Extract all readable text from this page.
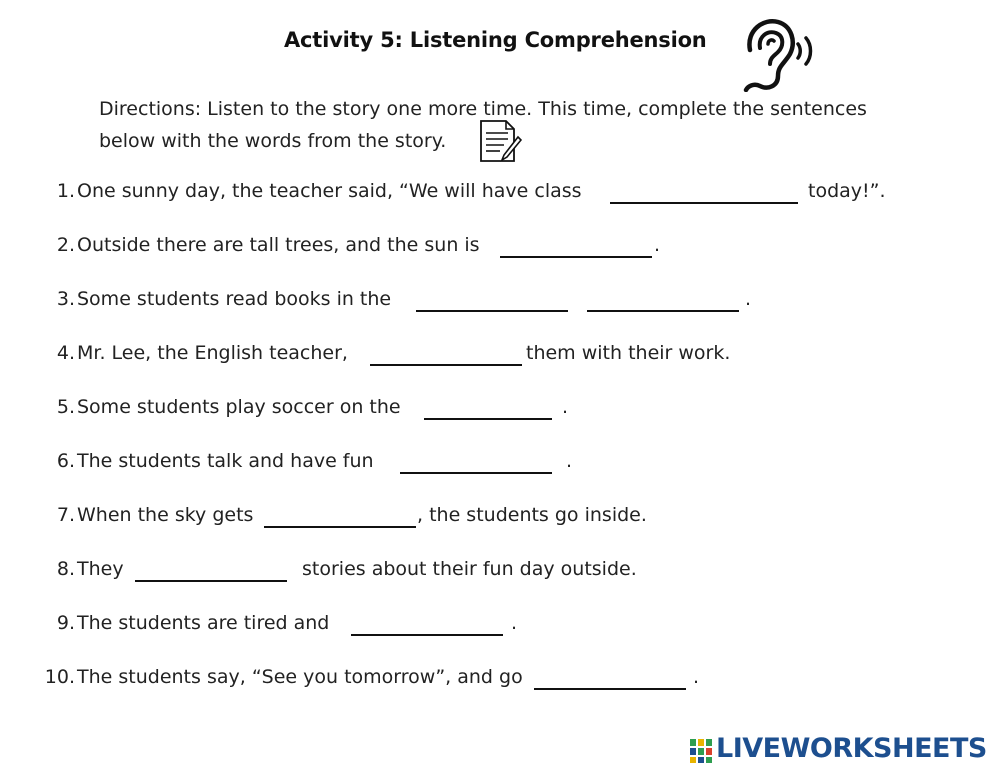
Activity 5: Listening Comprehension
Directions: Listen to the story one more time. This time, complete the sentences below with the words from the story.
1. One sunny day, the teacher said, “We will have class	today!”.
2. Outside there are tall trees, and the sun is	.
3. Some students read books in the	.
4. Mr. Lee, the English teacher,	them with their work.
5. Some students play soccer on the	.
6. The students talk and have fun	.
7. When the sky gets	, the students go inside.
8. They	stories about their fun day outside.
9. The students are tired and	.
10. The students say, “See you tomorrow”, and go	.
LIVEWORKSHEETS
